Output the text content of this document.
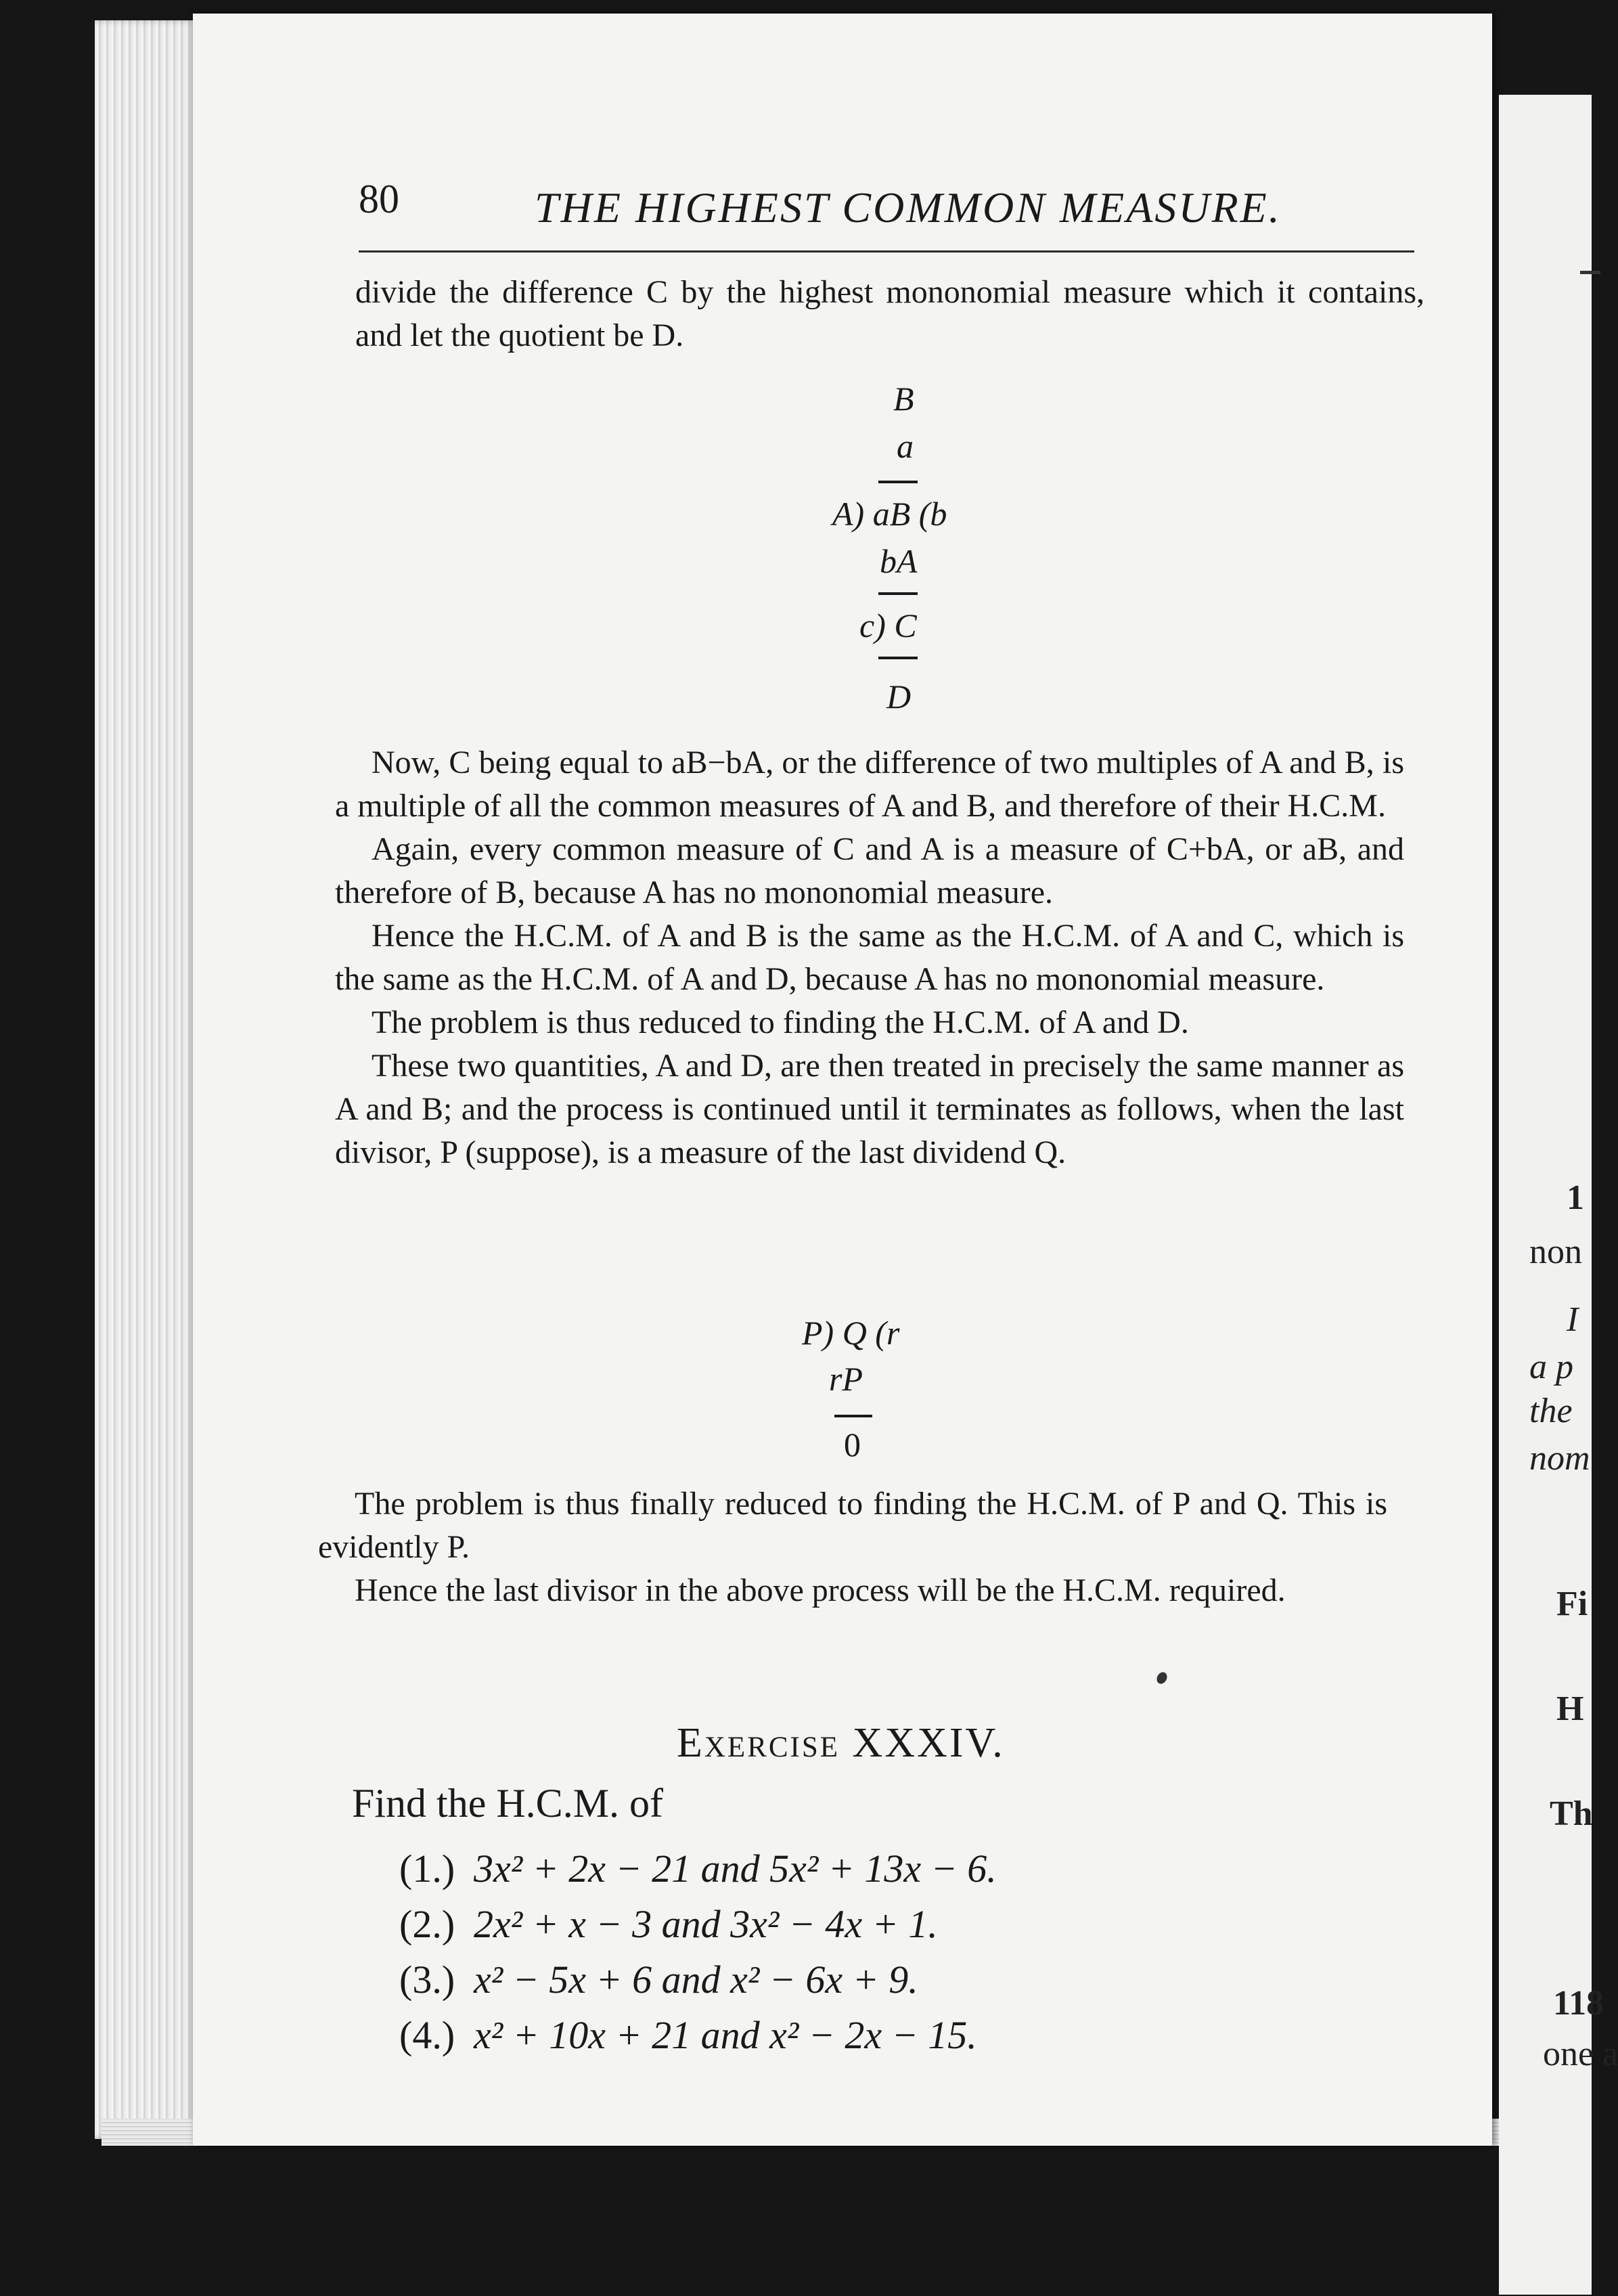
1
non
I
a p
the
nom
Fi
H
Th
118
one a
80	THE HIGHEST COMMON MEASURE.

divide the difference C by the highest mononomial measure which it contains, and let the quotient be D.

B
a
A) aB (b
bA
c) C
D

Now, C being equal to aB−bA, or the difference of two multiples of A and B, is a multiple of all the common measures of A and B, and therefore of their H.C.M.

Again, every common measure of C and A is a measure of C+bA, or aB, and therefore of B, because A has no mononomial measure.

Hence the H.C.M. of A and B is the same as the H.C.M. of A and C, which is the same as the H.C.M. of A and D, because A has no mononomial measure.

The problem is thus reduced to finding the H.C.M. of A and D.

These two quantities, A and D, are then treated in precisely the same manner as A and B; and the process is continued until it terminates as follows, when the last divisor, P (suppose), is a measure of the last dividend Q.

P) Q (r
rP
0

The problem is thus finally reduced to finding the H.C.M. of P and Q. This is evidently P.

Hence the last divisor in the above process will be the H.C.M. required.

Exercise XXXIV.
Find the H.C.M. of
(1.) 3x² + 2x − 21 and 5x² + 13x − 6.
(2.) 2x² + x − 3 and 3x² − 4x + 1.
(3.) x² − 5x + 6 and x² − 6x + 9.
(4.) x² + 10x + 21 and x² − 2x − 15.
